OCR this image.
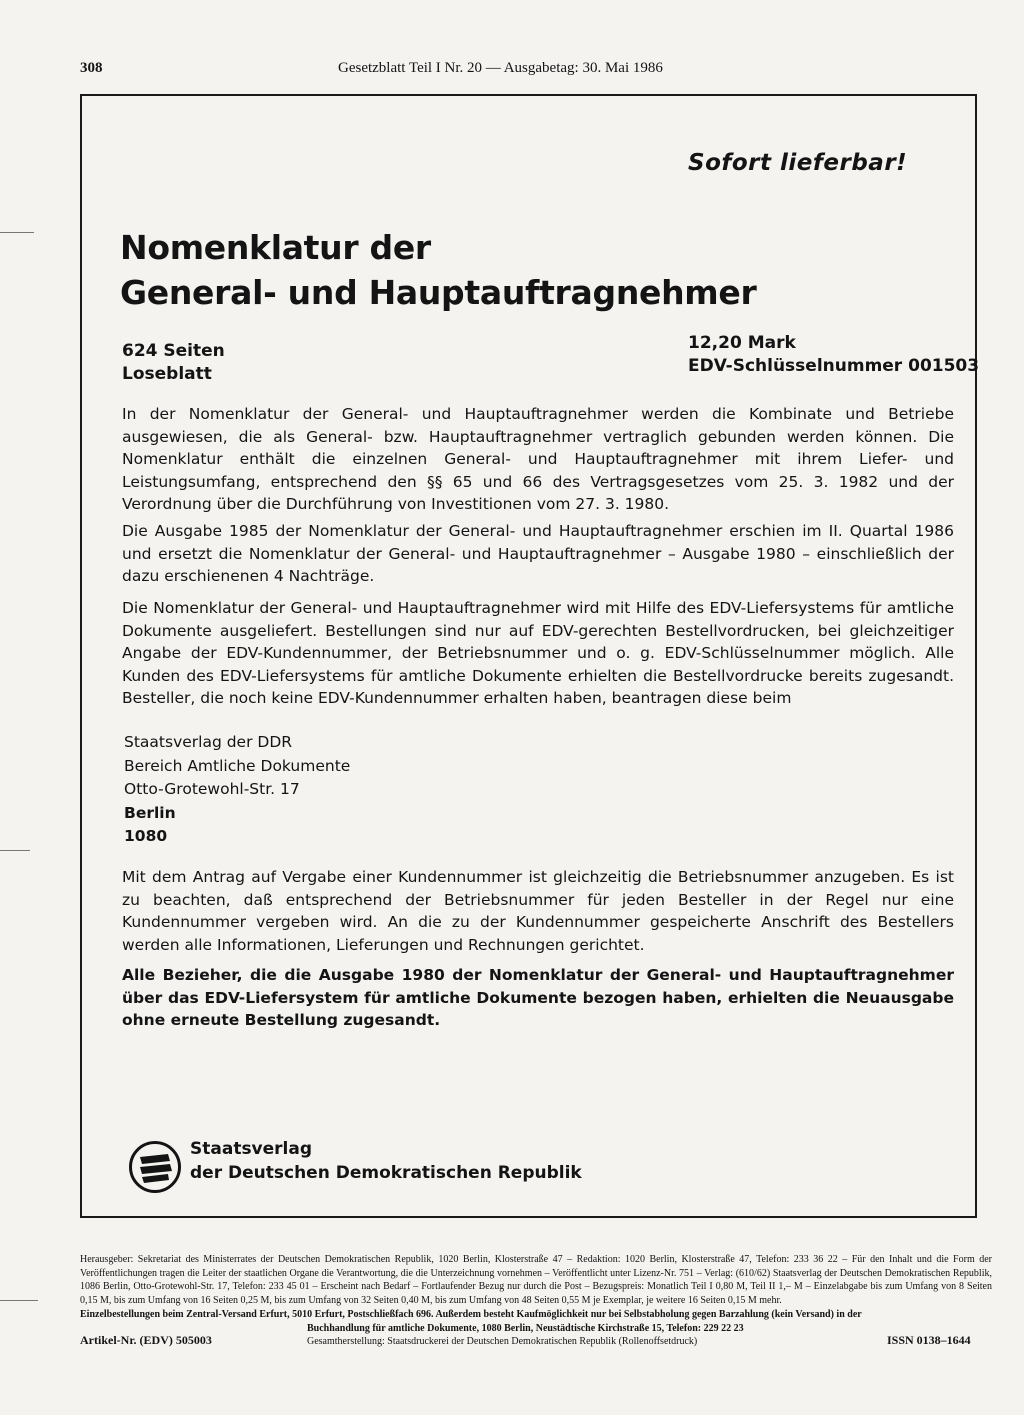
308	Gesetzblatt Teil I Nr. 20 — Ausgabetag: 30. Mai 1986
Sofort lieferbar!
Nomenklatur der
General- und Hauptauftragnehmer
624 Seiten
Loseblatt
12,20 Mark
EDV-Schlüsselnummer 001503

In der Nomenklatur der General- und Hauptauftragnehmer werden die Kombinate und Betriebe ausgewiesen, die als General- bzw. Hauptauftragnehmer vertraglich gebunden werden können. Die Nomenklatur enthält die einzelnen General- und Hauptauftragnehmer mit ihrem Liefer- und Leistungsumfang, entsprechend den §§ 65 und 66 des Vertragsgesetzes vom 25. 3. 1982 und der Verordnung über die Durchführung von Investitionen vom 27. 3. 1980.

Die Ausgabe 1985 der Nomenklatur der General- und Hauptauftragnehmer erschien im II. Quartal 1986 und ersetzt die Nomenklatur der General- und Hauptauftragnehmer – Ausgabe 1980 – einschließlich der dazu erschienenen 4 Nachträge.

Die Nomenklatur der General- und Hauptauftragnehmer wird mit Hilfe des EDV-Liefersystems für amtliche Dokumente ausgeliefert. Bestellungen sind nur auf EDV-gerechten Bestellvordrucken, bei gleichzeitiger Angabe der EDV-Kundennummer, der Betriebsnummer und o. g. EDV-Schlüsselnummer möglich. Alle Kunden des EDV-Liefersystems für amtliche Dokumente erhielten die Bestellvordrucke bereits zugesandt. Besteller, die noch keine EDV-Kundennummer erhalten haben, beantragen diese beim

Staatsverlag der DDR
Bereich Amtliche Dokumente
Otto-Grotewohl-Str. 17
Berlin
1080

Mit dem Antrag auf Vergabe einer Kundennummer ist gleichzeitig die Betriebsnummer anzugeben. Es ist zu beachten, daß entsprechend der Betriebsnummer für jeden Besteller in der Regel nur eine Kundennummer vergeben wird. An die zu der Kundennummer gespeicherte Anschrift des Bestellers werden alle Informationen, Lieferungen und Rechnungen gerichtet.

Alle Bezieher, die die Ausgabe 1980 der Nomenklatur der General- und Hauptauftragnehmer über das EDV-Liefersystem für amtliche Dokumente bezogen haben, erhielten die Neuausgabe ohne erneute Bestellung zugesandt.

Staatsverlag
der Deutschen Demokratischen Republik

Herausgeber: Sekretariat des Ministerrates der Deutschen Demokratischen Republik, 1020 Berlin, Klosterstraße 47 – Redaktion: 1020 Berlin, Klosterstraße 47, Telefon: 233 36 22 – Für den Inhalt und die Form der Veröffentlichungen tragen die Leiter der staatlichen Organe die Verantwortung, die die Unterzeichnung vornehmen – Veröffentlicht unter Lizenz-Nr. 751 – Verlag: (610/62) Staatsverlag der Deutschen Demokratischen Republik, 1086 Berlin, Otto-Grotewohl-Str. 17, Telefon: 233 45 01 – Erscheint nach Bedarf – Fortlaufender Bezug nur durch die Post – Bezugspreis: Monatlich Teil I 0,80 M, Teil II 1,– M – Einzelabgabe bis zum Umfang von 8 Seiten 0,15 M, bis zum Umfang von 16 Seiten 0,25 M, bis zum Umfang von 32 Seiten 0,40 M, bis zum Umfang von 48 Seiten 0,55 M je Exemplar, je weitere 16 Seiten 0,15 M mehr.

Einzelbestellungen beim Zentral-Versand Erfurt, 5010 Erfurt, Postschließfach 696. Außerdem besteht Kaufmöglichkeit nur bei Selbstabholung gegen Barzahlung (kein Versand) in der

Artikel-Nr. (EDV) 505003
Buchhandlung für amtliche Dokumente, 1080 Berlin, Neustädtische Kirchstraße 15, Telefon: 229 22 23
Gesamtherstellung: Staatsdruckerei der Deutschen Demokratischen Republik (Rollenoffsetdruck)	ISSN 0138–1644
